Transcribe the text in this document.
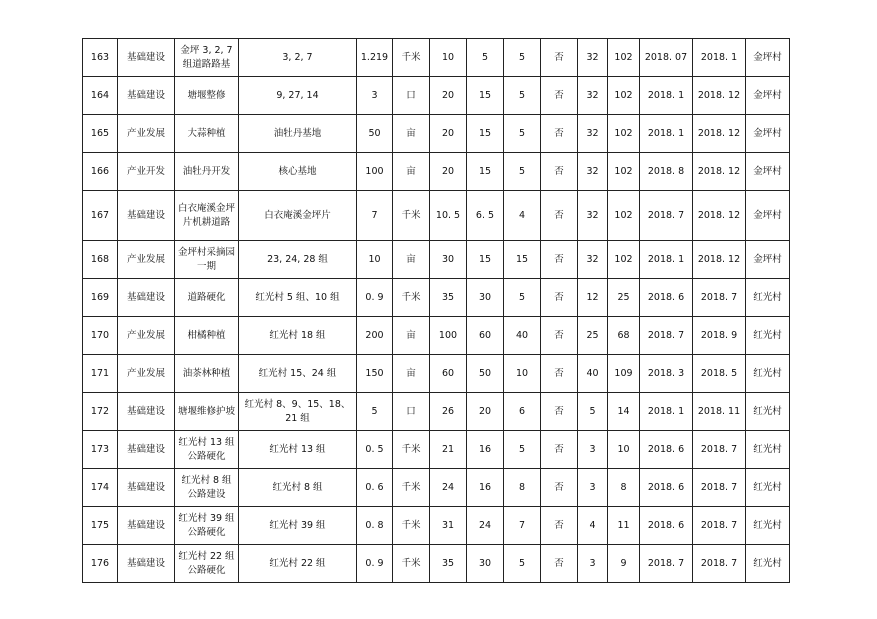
163	基础建设	金坪 3, 2, 7 组道路路基	3, 2, 7	1.219	千米	10	5	5	否	32	102	2018. 07	2018. 1	金坪村
164	基础建设	塘堰整修	9, 27, 14	3	口	20	15	5	否	32	102	2018. 1	2018. 12	金坪村
165	产业发展	大蒜种植	油牡丹基地	50	亩	20	15	5	否	32	102	2018. 1	2018. 12	金坪村
166	产业开发	油牡丹开发	核心基地	100	亩	20	15	5	否	32	102	2018. 8	2018. 12	金坪村
167	基础建设	白衣庵溪金坪片机耕道路	白衣庵溪金坪片	7	千米	10. 5	6. 5	4	否	32	102	2018. 7	2018. 12	金坪村
168	产业发展	金坪村采摘园一期	23, 24, 28 组	10	亩	30	15	15	否	32	102	2018. 1	2018. 12	金坪村
169	基础建设	道路硬化	红光村 5 组、10 组	0. 9	千米	35	30	5	否	12	25	2018. 6	2018. 7	红光村
170	产业发展	柑橘种植	红光村 18 组	200	亩	100	60	40	否	25	68	2018. 7	2018. 9	红光村
171	产业发展	油茶林种植	红光村 15、24 组	150	亩	60	50	10	否	40	109	2018. 3	2018. 5	红光村
172	基础建设	塘堰维修护坡	红光村 8、9、15、18、21 组	5	口	26	20	6	否	5	14	2018. 1	2018. 11	红光村
173	基础建设	红光村 13 组公路硬化	红光村 13 组	0. 5	千米	21	16	5	否	3	10	2018. 6	2018. 7	红光村
174	基础建设	红光村 8 组公路建设	红光村 8 组	0. 6	千米	24	16	8	否	3	8	2018. 6	2018. 7	红光村
175	基础建设	红光村 39 组公路硬化	红光村 39 组	0. 8	千米	31	24	7	否	4	11	2018. 6	2018. 7	红光村
176	基础建设	红光村 22 组公路硬化	红光村 22 组	0. 9	千米	35	30	5	否	3	9	2018. 7	2018. 7	红光村
